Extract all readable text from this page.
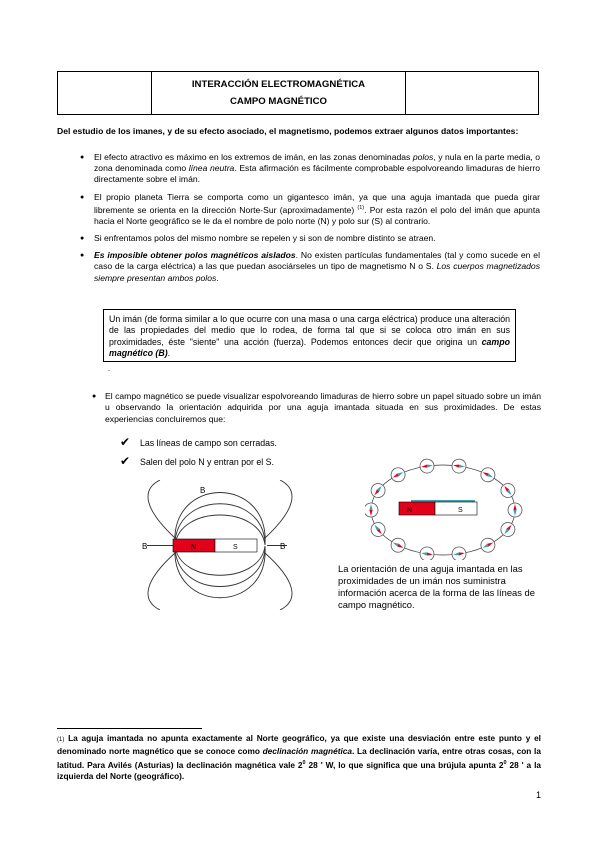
INTERACCIÓN ELECTROMAGNÉTICA
CAMPO MAGNÉTICO

Del estudio de los imanes, y de su efecto asociado, el magnetismo, podemos extraer algunos datos importantes:

● El efecto atractivo es máximo en los extremos de imán, en las zonas denominadas polos, y nula en la parte media, o zona denominada como línea neutra. Esta afirmación es fácilmente comprobable espolvoreando limaduras de hierro directamente sobre el imán.
● El propio planeta Tierra se comporta como un gigantesco imán, ya que una aguja imantada que pueda girar libremente se orienta en la dirección Norte-Sur (aproximadamente) $^{(1)}$. Por esta razón el polo del imán que apunta hacia el Norte geográfico se le da el nombre de polo norte (N) y polo sur (S) al contrario.
● Si enfrentamos polos del mismo nombre se repelen y si son de nombre distinto se atraen.
● Es imposible obtener polos magnéticos aislados. No existen partículas fundamentales (tal y como sucede en el caso de la carga eléctrica) a las que puedan asociárseles un tipo de magnetismo N o S. Los cuerpos magnetizados siempre presentan ambos polos.
Un imán (de forma similar a lo que ocurre con una masa o una carga eléctrica) produce una alteración de las propiedades del medio que lo rodea, de forma tal que si se coloca otro imán en sus proximidades, éste "siente" una acción (fuerza). Podemos entonces decir que origina un campo magnético (B).
.

● El campo magnético se puede visualizar espolvoreando limaduras de hierro sobre un papel situado sobre un imán u observando la orientación adquirida por una aguja imantada situada en sus proximidades. De estas experiencias concluiremos que:

✔ Las líneas de campo son cerradas.
✔ Salen del polo N y entran por el S.
N	S
B
B	B
N	S

La orientación de una aguja imantada en las proximidades de un imán nos suministra información acerca de la forma de las líneas de campo magnético.

(1) La aguja imantada no apunta exactamente al Norte geográfico, ya que existe una desviación entre este punto y el denominado norte magnético que se conoce como declinación magnética. La declinación varía, entre otras cosas, con la latitud. Para Avilés (Asturias) la declinación magnética vale $2^0$ 28 ' W, lo que significa que una brújula apunta $2^0$ 28 ' a la izquierda del Norte (geográfico).

1
